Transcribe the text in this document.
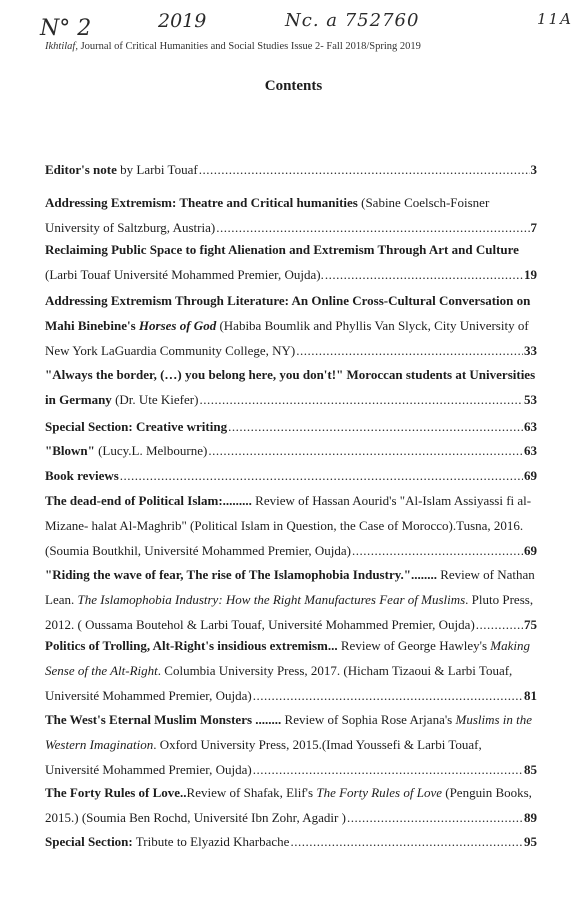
N° 2	2019	Nc. a 752760	11A
Ikhtilaf, Journal of Critical Humanities and Social Studies Issue 2- Fall 2018/Spring 2019
Contents
Editor's note by Larbi Touaf .....	3
Addressing Extremism: Theatre and Critical humanities (Sabine Coelsch-Foisner
University of Saltzburg, Austria) .....	7
Reclaiming Public Space to fight Alienation and Extremism Through Art and Culture
(Larbi Touaf Université Mohammed Premier, Oujda). .....	19
Addressing Extremism Through Literature: An Online Cross-Cultural Conversation on
Mahi Binebine's Horses of God (Habiba Boumlik and Phyllis Van Slyck, City University of
New York LaGuardia Community College, NY) .....	33
"Always the border, (…) you belong here, you don't!" Moroccan students at Universities
in Germany (Dr. Ute Kiefer) .....	53
Special Section: Creative writing .....	63
"Blown" (Lucy.L. Melbourne) .....	63
Book reviews .....	69
The dead-end of Political Islam:......... Review of Hassan Aourid's "Al-Islam Assiyassi fi al-
Mizane- halat Al-Maghrib" (Political Islam in Question, the Case of Morocco).Tusna, 2016.
(Soumia Boutkhil, Université Mohammed Premier, Oujda) .....	69
"Riding the wave of fear, The rise of The Islamophobia Industry."........ Review of Nathan
Lean. The Islamophobia Industry: How the Right Manufactures Fear of Muslims. Pluto Press,
2012. ( Oussama Boutehol & Larbi Touaf, Université Mohammed Premier, Oujda) .....	75
Politics of Trolling, Alt-Right's insidious extremism... Review of George Hawley's Making
Sense of the Alt-Right. Columbia University Press, 2017. (Hicham Tizaoui & Larbi Touaf,
Université Mohammed Premier, Oujda) .....	81
The West's Eternal Muslim Monsters ........ Review of Sophia Rose Arjana's Muslims in the
Western Imagination. Oxford University Press, 2015.(Imad Youssefi & Larbi Touaf,
Université Mohammed Premier, Oujda) .....	85
The Forty Rules of Love..Review of Shafak, Elif's The Forty Rules of Love (Penguin Books,
2015.) (Soumia Ben Rochd, Université Ibn Zohr, Agadir ) .....	89
Special Section: Tribute to Elyazid Kharbache .....	95
